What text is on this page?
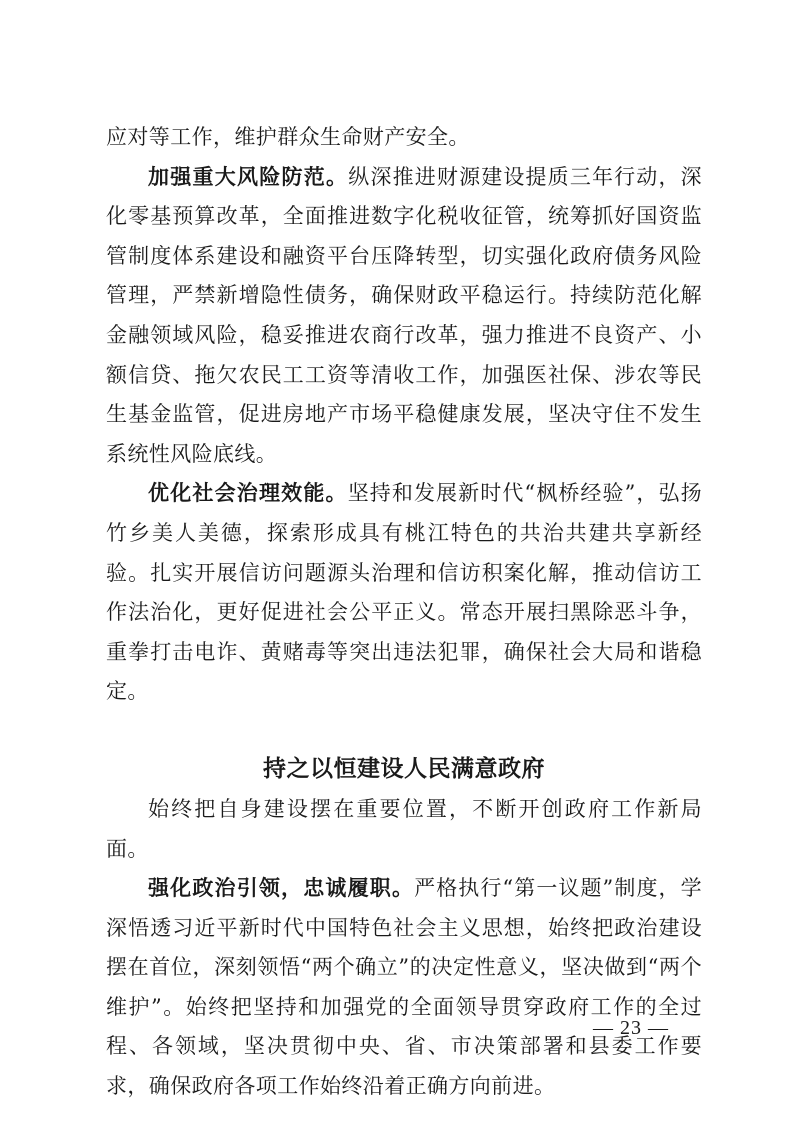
应对等工作，维护群众生命财产安全。

加强重大风险防范。纵深推进财源建设提质三年行动，深化零基预算改革，全面推进数字化税收征管，统筹抓好国资监管制度体系建设和融资平台压降转型，切实强化政府债务风险管理，严禁新增隐性债务，确保财政平稳运行。持续防范化解金融领域风险，稳妥推进农商行改革，强力推进不良资产、小额信贷、拖欠农民工工资等清收工作，加强医社保、涉农等民生基金监管，促进房地产市场平稳健康发展，坚决守住不发生系统性风险底线。

优化社会治理效能。坚持和发展新时代“枫桥经验”，弘扬竹乡美人美德，探索形成具有桃江特色的共治共建共享新经验。扎实开展信访问题源头治理和信访积案化解，推动信访工作法治化，更好促进社会公平正义。常态开展扫黑除恶斗争，重拳打击电诈、黄赌毒等突出违法犯罪，确保社会大局和谐稳定。

持之以恒建设人民满意政府

始终把自身建设摆在重要位置，不断开创政府工作新局面。

强化政治引领，忠诚履职。严格执行“第一议题”制度，学深悟透习近平新时代中国特色社会主义思想，始终把政治建设摆在首位，深刻领悟“两个确立”的决定性意义，坚决做到“两个维护”。始终把坚持和加强党的全面领导贯穿政府工作的全过程、各领域，坚决贯彻中央、省、市决策部署和县委工作要求，确保政府各项工作始终沿着正确方向前进。

— 23 —
